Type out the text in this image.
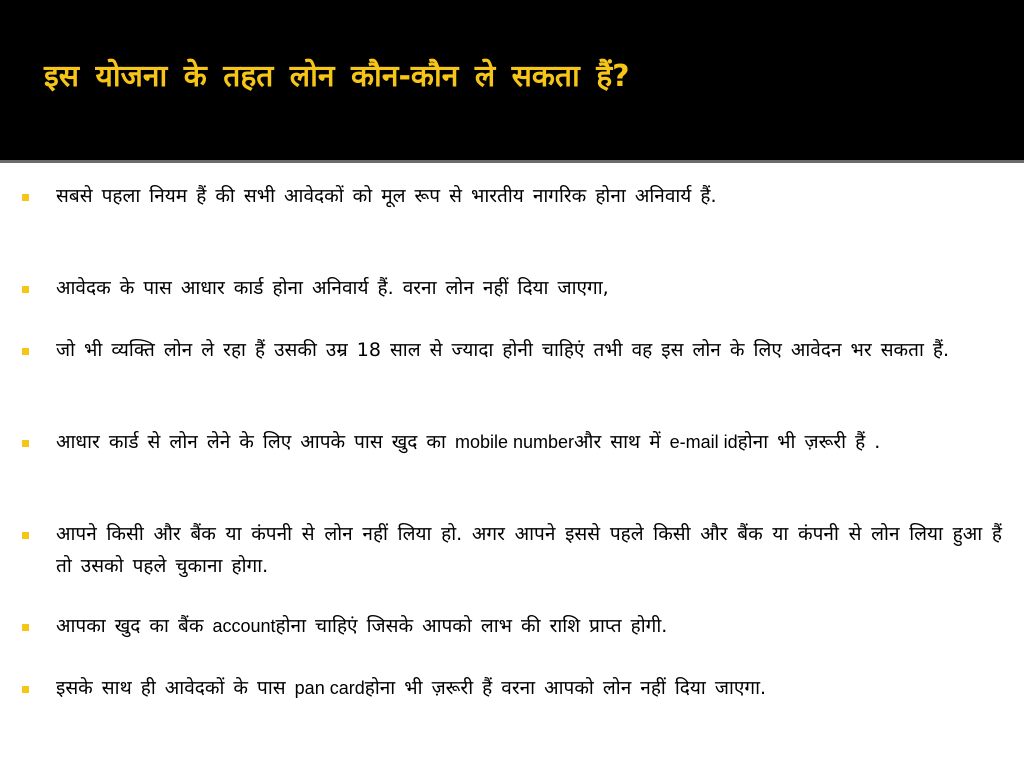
इस योजना के तहत लोन कौन-कौन ले सकता हैं?
सबसे पहला नियम हैं की सभी आवेदकों को मूल रूप से भारतीय नागरिक होना अनिवार्य हैं.
आवेदक के पास आधार कार्ड होना अनिवार्य हैं. वरना लोन नहीं दिया जाएगा,
जो भी व्यक्ति लोन ले रहा हैं उसकी उम्र 18 साल से ज्यादा होनी चाहिएं तभी वह इस लोन के लिए आवेदन भर सकता हैं.
आधार कार्ड से लोन लेने के लिए आपके पास खुद का mobile numberऔर साथ में e-mail idहोना भी ज़रूरी हैं .
आपने किसी और बैंक या कंपनी से लोन नहीं लिया हो. अगर आपने इससे पहले किसी और बैंक या कंपनी से लोन लिया हुआ हैं तो उसको पहले चुकाना होगा.
आपका खुद का बैंक accountहोना चाहिएं जिसके आपको लाभ की राशि प्राप्त होगी.
इसके साथ ही आवेदकों के पास pan cardहोना भी ज़रूरी हैं वरना आपको लोन नहीं दिया जाएगा.
